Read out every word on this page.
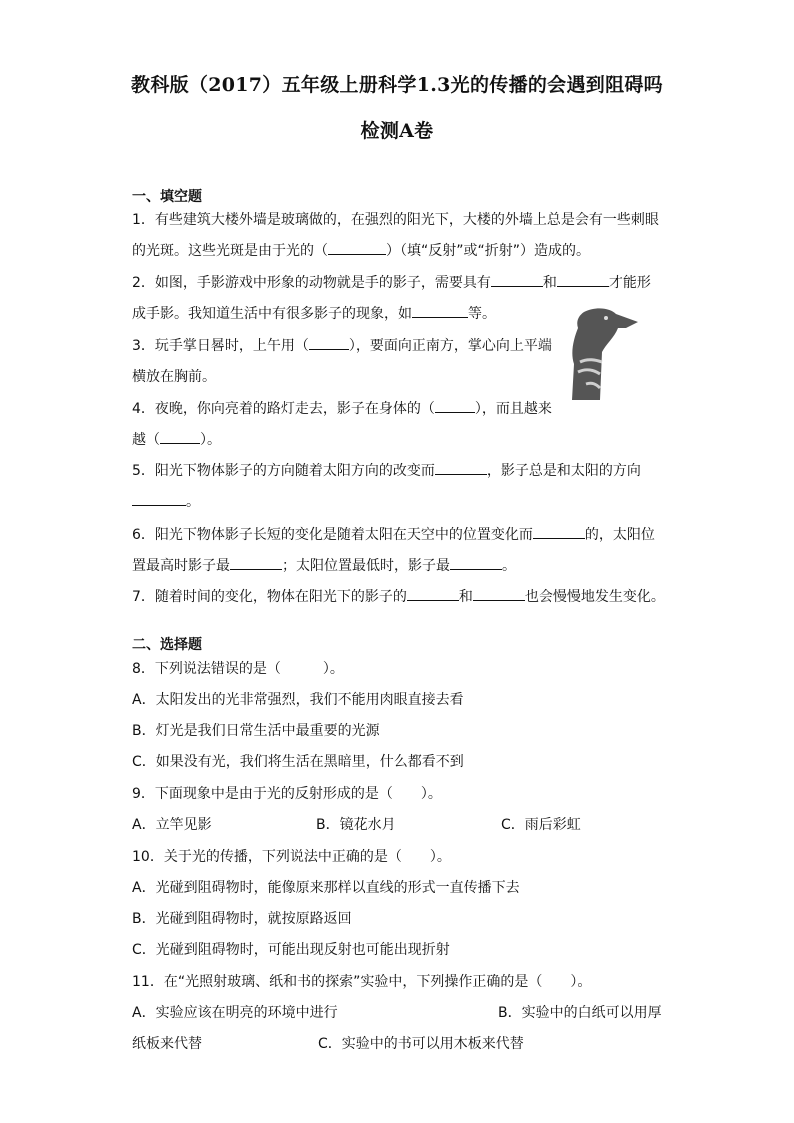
教科版（2017）五年级上册科学1.3光的传播的会遇到阻碍吗
检测A卷
一、填空题
1．有些建筑大楼外墙是玻璃做的，在强烈的阳光下，大楼的外墙上总是会有一些刺眼
的光斑。这些光斑是由于光的（	）（填“反射”或“折射”）造成的。
2．如图，手影游戏中形象的动物就是手的影子，需要具有	和	才能形
成手影。我知道生活中有很多影子的现象，如	等。
3．玩手掌日晷时，上午用（	），要面向正南方，掌心向上平端
横放在胸前。
4．夜晚，你向亮着的路灯走去，影子在身体的（	），而且越来
越（	）。
5．阳光下物体影子的方向随着太阳方向的改变而	，影子总是和太阳的方向
。
6．阳光下物体影子长短的变化是随着太阳在天空中的位置变化而	的，太阳位
置最高时影子最	；太阳位置最低时，影子最	。
7．随着时间的变化，物体在阳光下的影子的	和	也会慢慢地发生变化。
二、选择题
8．下列说法错误的是（　　　）。
A．太阳发出的光非常强烈，我们不能用肉眼直接去看
B．灯光是我们日常生活中最重要的光源
C．如果没有光，我们将生活在黑暗里，什么都看不到
9．下面现象中是由于光的反射形成的是（　　）。
A．立竿见影	B．镜花水月	C．雨后彩虹
10．关于光的传播，下列说法中正确的是（　　）。
A．光碰到阻碍物时，能像原来那样以直线的形式一直传播下去
B．光碰到阻碍物时，就按原路返回
C．光碰到阻碍物时，可能出现反射也可能出现折射
11．在“光照射玻璃、纸和书的探索”实验中，下列操作正确的是（　　）。
A．实验应该在明亮的环境中进行	B．实验中的白纸可以用厚
纸板来代替	C．实验中的书可以用木板来代替
